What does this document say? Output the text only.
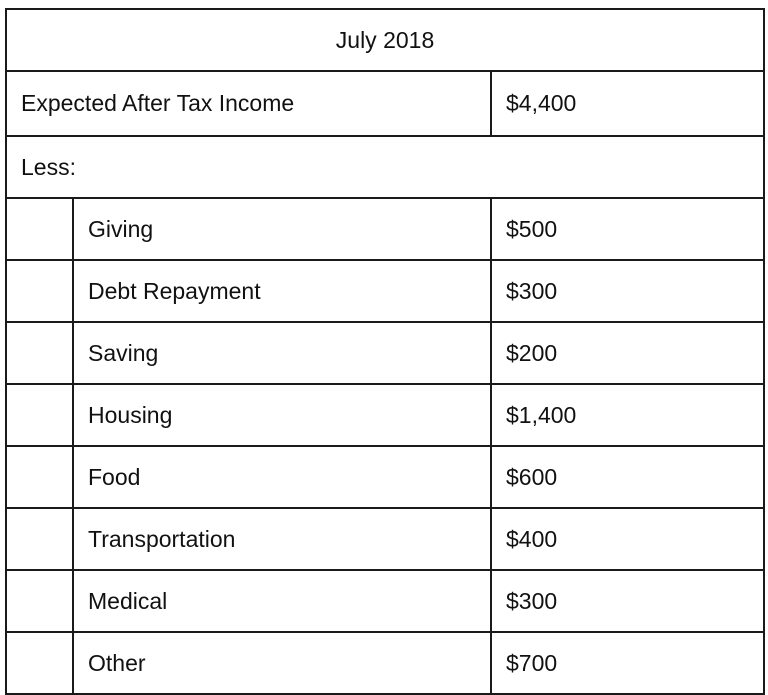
July 2018		
Expected After Tax Income		$4,400
Less:		
	Giving	$500
	Debt Repayment	$300
	Saving	$200
	Housing	$1,400
	Food	$600
	Transportation	$400
	Medical	$300
	Other	$700
